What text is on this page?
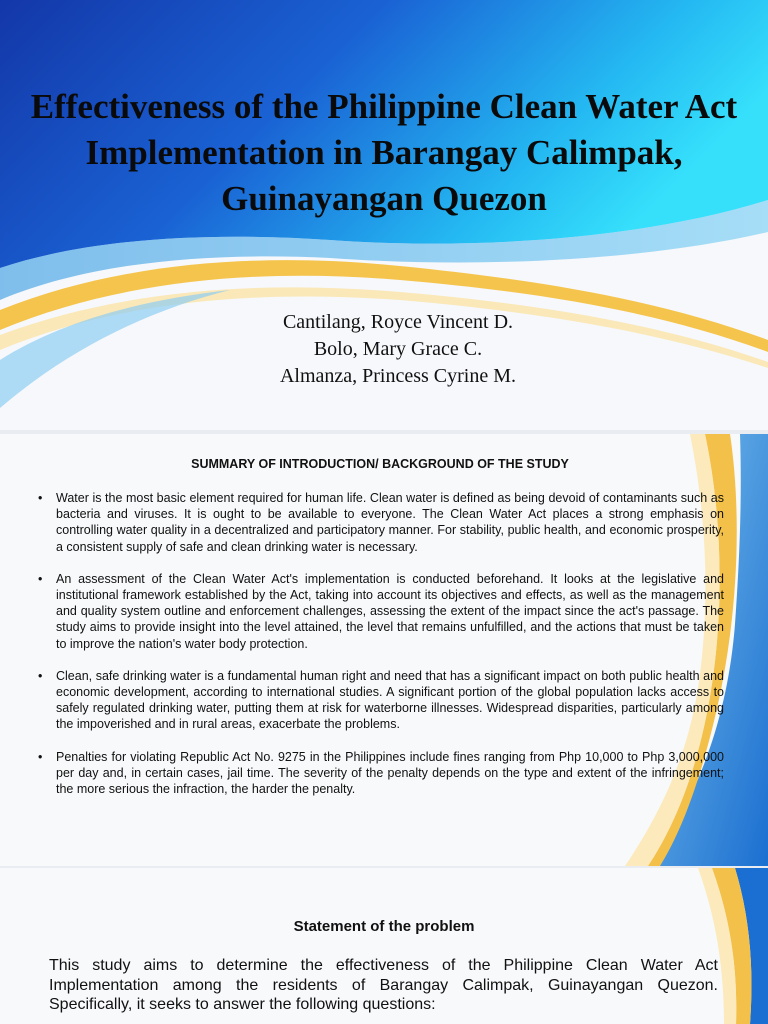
Effectiveness of the Philippine Clean Water Act Implementation in Barangay Calimpak, Guinayangan Quezon
Cantilang, Royce Vincent D.
Bolo, Mary Grace C.
Almanza, Princess Cyrine M.
SUMMARY OF INTRODUCTION/ BACKGROUND OF THE STUDY
• Water is the most basic element required for human life. Clean water is defined as being devoid of contaminants such as bacteria and viruses. It is ought to be available to everyone. The Clean Water Act places a strong emphasis on controlling water quality in a decentralized and participatory manner. For stability, public health, and economic prosperity, a consistent supply of safe and clean drinking water is necessary.
• An assessment of the Clean Water Act's implementation is conducted beforehand. It looks at the legislative and institutional framework established by the Act, taking into account its objectives and effects, as well as the management and quality system outline and enforcement challenges, assessing the extent of the impact since the act's passage. The study aims to provide insight into the level attained, the level that remains unfulfilled, and the actions that must be taken to improve the nation's water body protection.
• Clean, safe drinking water is a fundamental human right and need that has a significant impact on both public health and economic development, according to international studies. A significant portion of the global population lacks access to safely regulated drinking water, putting them at risk for waterborne illnesses. Widespread disparities, particularly among the impoverished and in rural areas, exacerbate the problems.
• Penalties for violating Republic Act No. 9275 in the Philippines include fines ranging from Php 10,000 to Php 3,000,000 per day and, in certain cases, jail time. The severity of the penalty depends on the type and extent of the infringement; the more serious the infraction, the harder the penalty.
Statement of the problem
This study aims to determine the effectiveness of the Philippine Clean Water Act Implementation among the residents of Barangay Calimpak, Guinayangan Quezon. Specifically, it seeks to answer the following questions:
